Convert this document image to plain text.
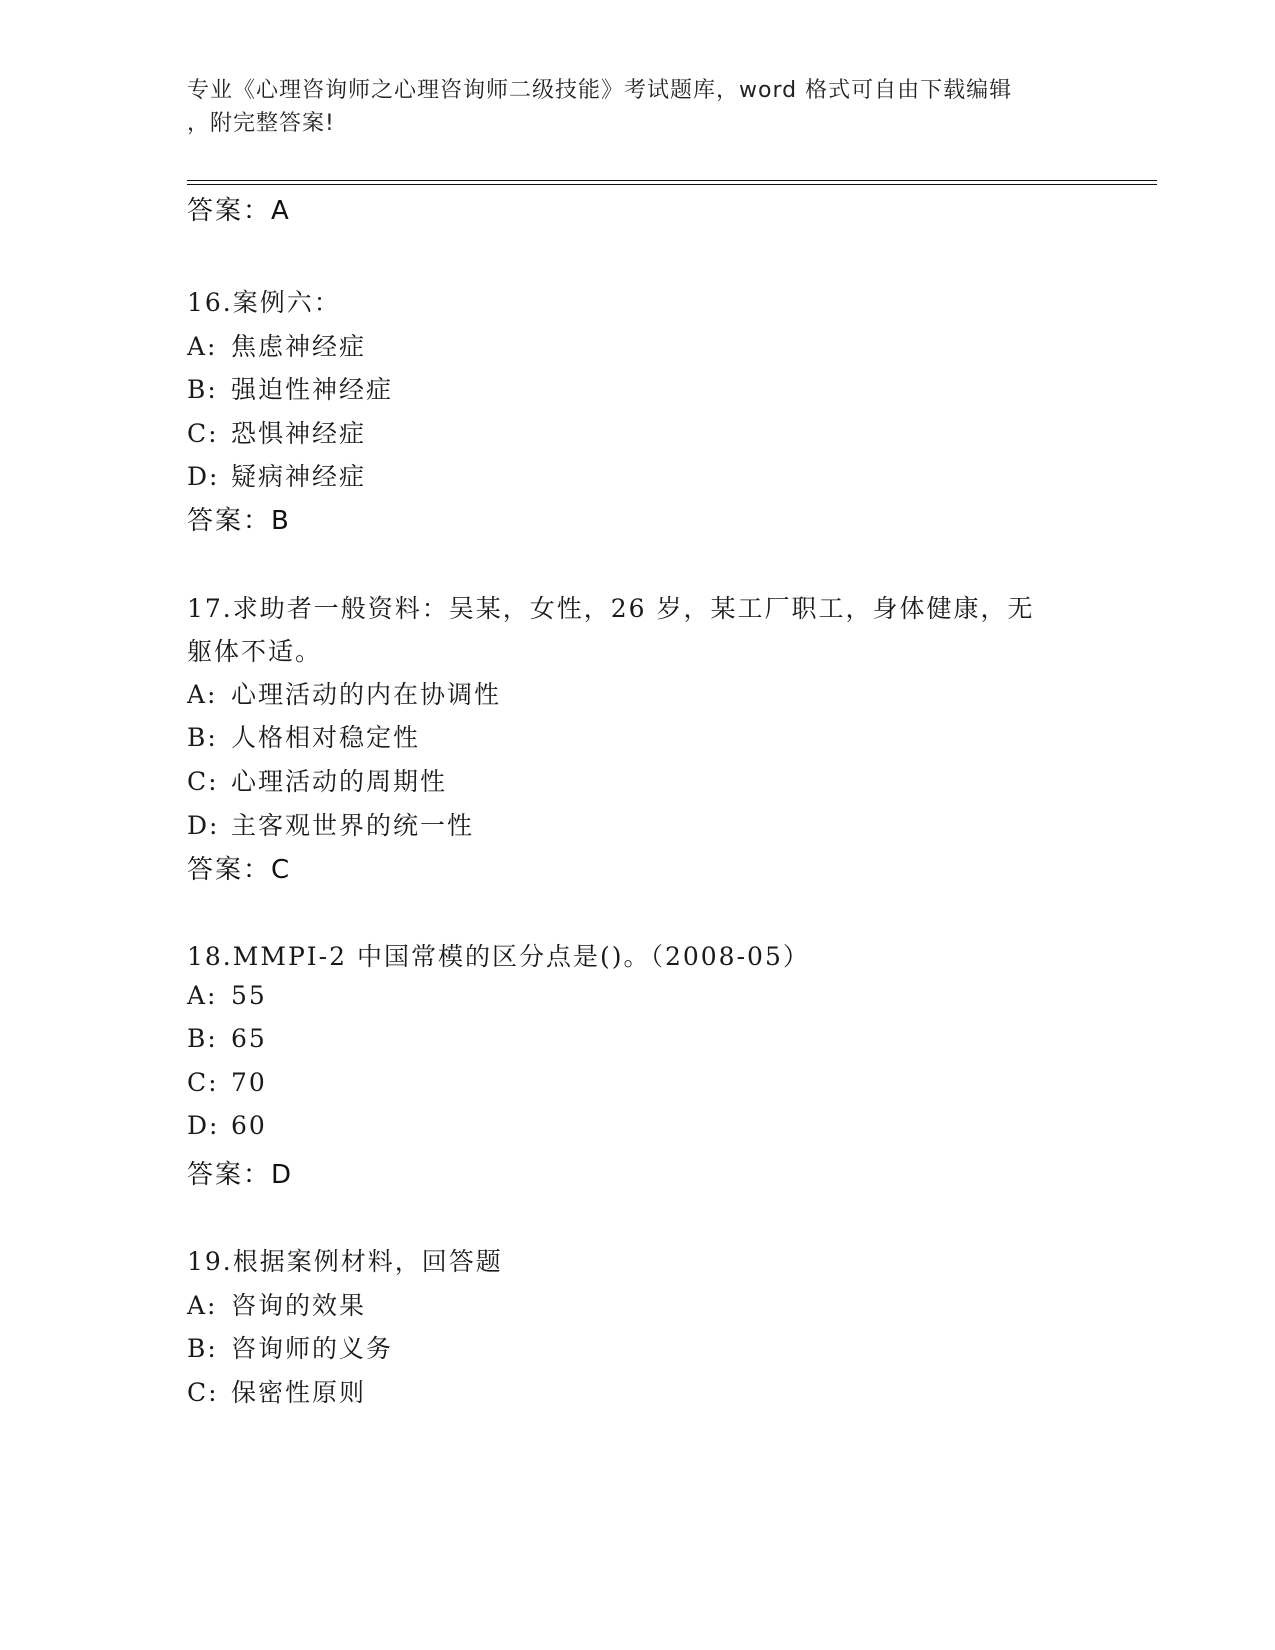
专业《心理咨询师之心理咨询师二级技能》考试题库，word 格式可自由下载编辑
，附完整答案!
答案：A
16.案例六：
A: 焦虑神经症
B: 强迫性神经症
C: 恐惧神经症
D: 疑病神经症
答案：B
17.求助者一般资料：吴某，女性，26 岁，某工厂职工，身体健康，无
躯体不适。
A: 心理活动的内在协调性
B: 人格相对稳定性
C: 心理活动的周期性
D: 主客观世界的统一性
答案：C
18.MMPI-2 中国常模的区分点是()。（2008-05）
A: 55
B: 65
C: 70
D: 60
答案：D
19.根据案例材料，回答题
A: 咨询的效果
B: 咨询师的义务
C: 保密性原则
